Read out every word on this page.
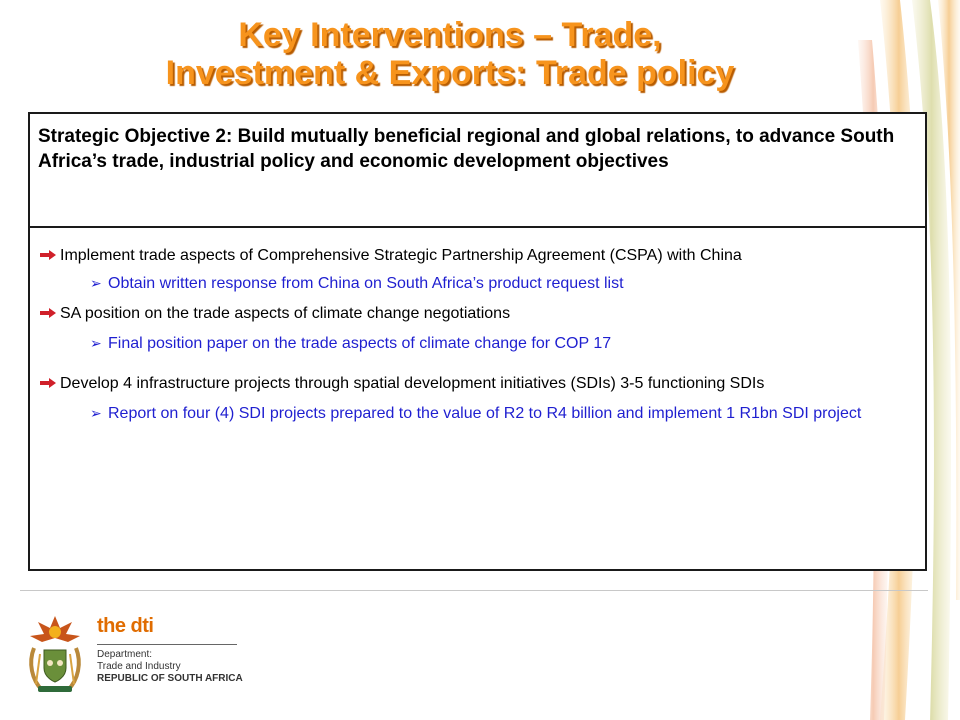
Key Interventions – Trade,
Investment & Exports: Trade policy
Strategic Objective 2: Build mutually beneficial regional and global relations, to advance South Africa’s trade, industrial policy and economic development objectives
Implement trade aspects of Comprehensive Strategic Partnership Agreement (CSPA) with China
➢ Obtain written response from China on South Africa’s product request list
SA position on the trade aspects of climate change negotiations
➢ Final position paper on the trade aspects of climate change for COP 17
Develop 4 infrastructure projects through spatial development initiatives (SDIs) 3-5 functioning SDIs
➢ Report on four (4) SDI projects prepared to the value of R2 to R4 billion and implement 1 R1bn SDI project
the dti
Department:
Trade and Industry
REPUBLIC OF SOUTH AFRICA
